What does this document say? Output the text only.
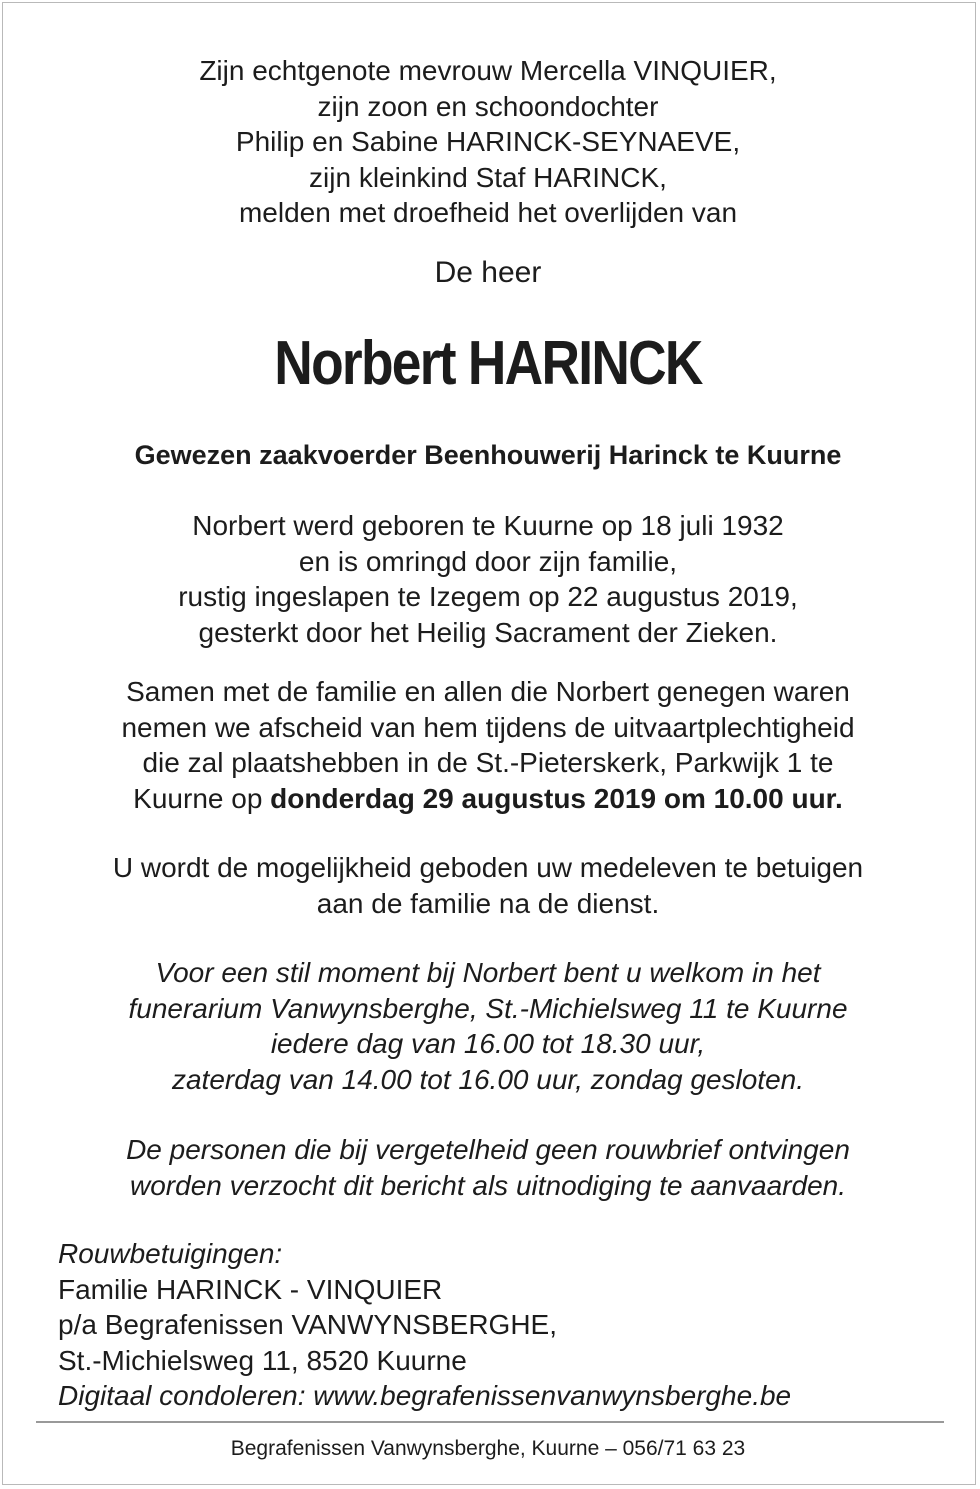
Zijn echtgenote mevrouw Mercella VINQUIER,
zijn zoon en schoondochter
Philip en Sabine HARINCK-SEYNAEVE,
zijn kleinkind Staf HARINCK,
melden met droefheid het overlijden van
De heer
Norbert HARINCK
Gewezen zaakvoerder Beenhouwerij Harinck te Kuurne
Norbert werd geboren te Kuurne op 18 juli 1932
en is omringd door zijn familie,
rustig ingeslapen te Izegem op 22 augustus 2019,
gesterkt door het Heilig Sacrament der Zieken.
Samen met de familie en allen die Norbert genegen waren
nemen we afscheid van hem tijdens de uitvaartplechtigheid
die zal plaatshebben in de St.-Pieterskerk, Parkwijk 1 te
Kuurne op donderdag 29 augustus 2019 om 10.00 uur.
U wordt de mogelijkheid geboden uw medeleven te betuigen
aan de familie na de dienst.
Voor een stil moment bij Norbert bent u welkom in het
funerarium Vanwynsberghe, St.-Michielsweg 11 te Kuurne
iedere dag van 16.00 tot 18.30 uur,
zaterdag van 14.00 tot 16.00 uur, zondag gesloten.
De personen die bij vergetelheid geen rouwbrief ontvingen
worden verzocht dit bericht als uitnodiging te aanvaarden.
Rouwbetuigingen:
Familie HARINCK - VINQUIER
p/a Begrafenissen VANWYNSBERGHE,
St.-Michielsweg 11, 8520 Kuurne
Digitaal condoleren: www.begrafenissenvanwynsberghe.be
Begrafenissen Vanwynsberghe, Kuurne – 056/71 63 23
